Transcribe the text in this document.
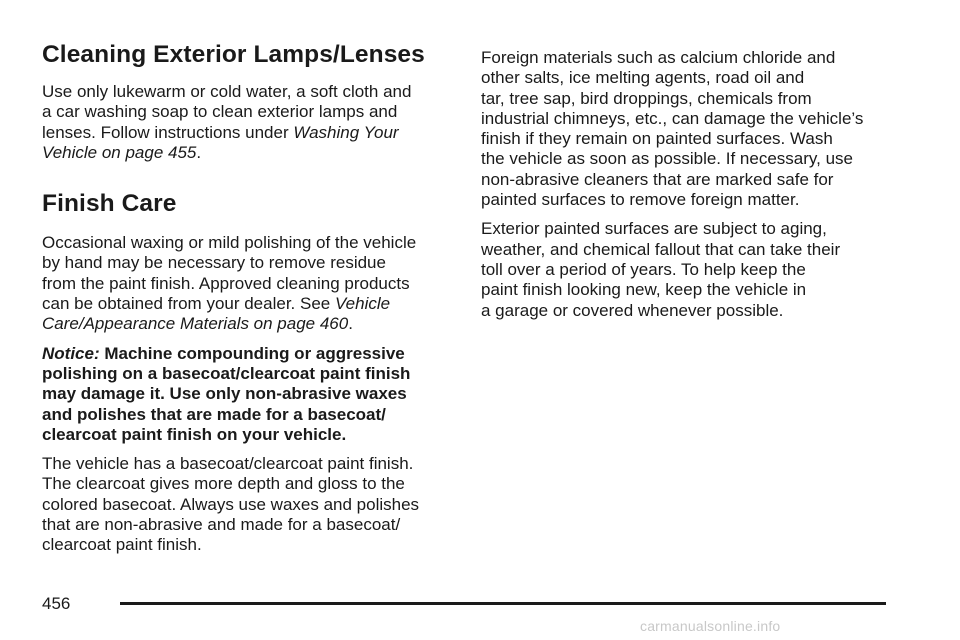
Cleaning Exterior Lamps/Lenses

Use only lukewarm or cold water, a soft cloth and
a car washing soap to clean exterior lamps and
lenses. Follow instructions under Washing Your
Vehicle on page 455.

Finish Care

Occasional waxing or mild polishing of the vehicle
by hand may be necessary to remove residue
from the paint finish. Approved cleaning products
can be obtained from your dealer. See Vehicle
Care/Appearance Materials on page 460.

Notice: Machine compounding or aggressive
polishing on a basecoat/clearcoat paint finish
may damage it. Use only non-abrasive waxes
and polishes that are made for a basecoat/
clearcoat paint finish on your vehicle.

The vehicle has a basecoat/clearcoat paint finish.
The clearcoat gives more depth and gloss to the
colored basecoat. Always use waxes and polishes
that are non-abrasive and made for a basecoat/
clearcoat paint finish.

Foreign materials such as calcium chloride and
other salts, ice melting agents, road oil and
tar, tree sap, bird droppings, chemicals from
industrial chimneys, etc., can damage the vehicle’s
finish if they remain on painted surfaces. Wash
the vehicle as soon as possible. If necessary, use
non-abrasive cleaners that are marked safe for
painted surfaces to remove foreign matter.

Exterior painted surfaces are subject to aging,
weather, and chemical fallout that can take their
toll over a period of years. To help keep the
paint finish looking new, keep the vehicle in
a garage or covered whenever possible.

456
carmanualsonline.info
